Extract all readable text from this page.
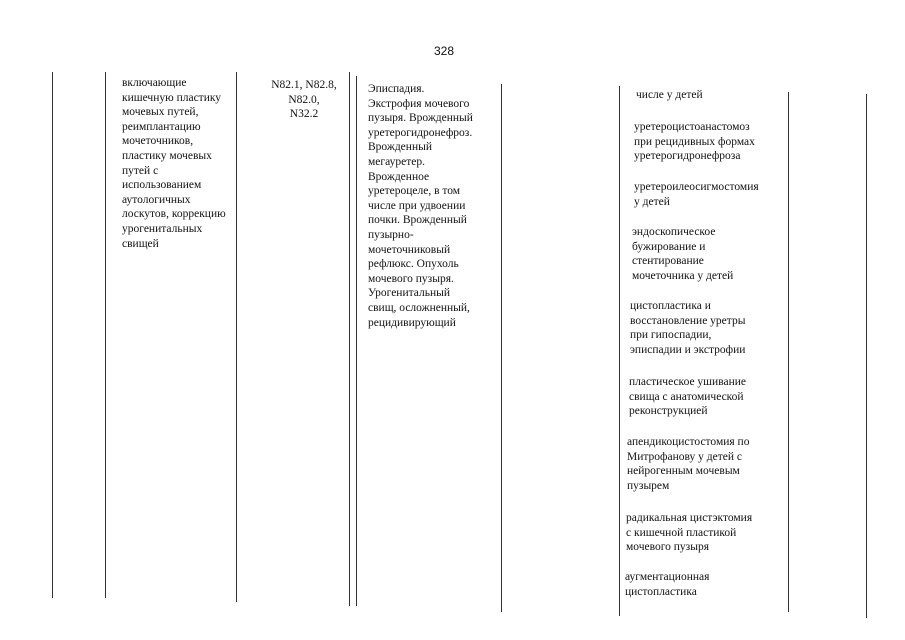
328
включающие
кишечную пластику
мочевых путей,
реимплантацию
мочеточников,
пластику мочевых
путей с
использованием
аутологичных
лоскутов, коррекцию
урогенитальных
свищей
N82.1, N82.8,
N82.0,
N32.2
Эписпадия.
Экстрофия мочевого
пузыря. Врожденный
уретерогидронефроз.
Врожденный
мегауретер.
Врожденное
уретероцеле, в том
числе при удвоении
почки. Врожденный
пузырно-
мочеточниковый
рефлюкс. Опухоль
мочевого пузыря.
Урогенитальный
свищ, осложненный,
рецидивирующий
числе у детей
уретероцистоанастомоз
при рецидивных формах
уретерогидронефроза
уретероилеосигмостомия
у детей
эндоскопическое
бужирование и
стентирование
мочеточника у детей
цистопластика и
восстановление уретры
при гипоспадии,
эписпадии и экстрофии
пластическое ушивание
свища с анатомической
реконструкцией
апендикоцистостомия по
Митрофанову у детей с
нейрогенным мочевым
пузырем
радикальная цистэктомия
с кишечной пластикой
мочевого пузыря
аугментационная
цистопластика
